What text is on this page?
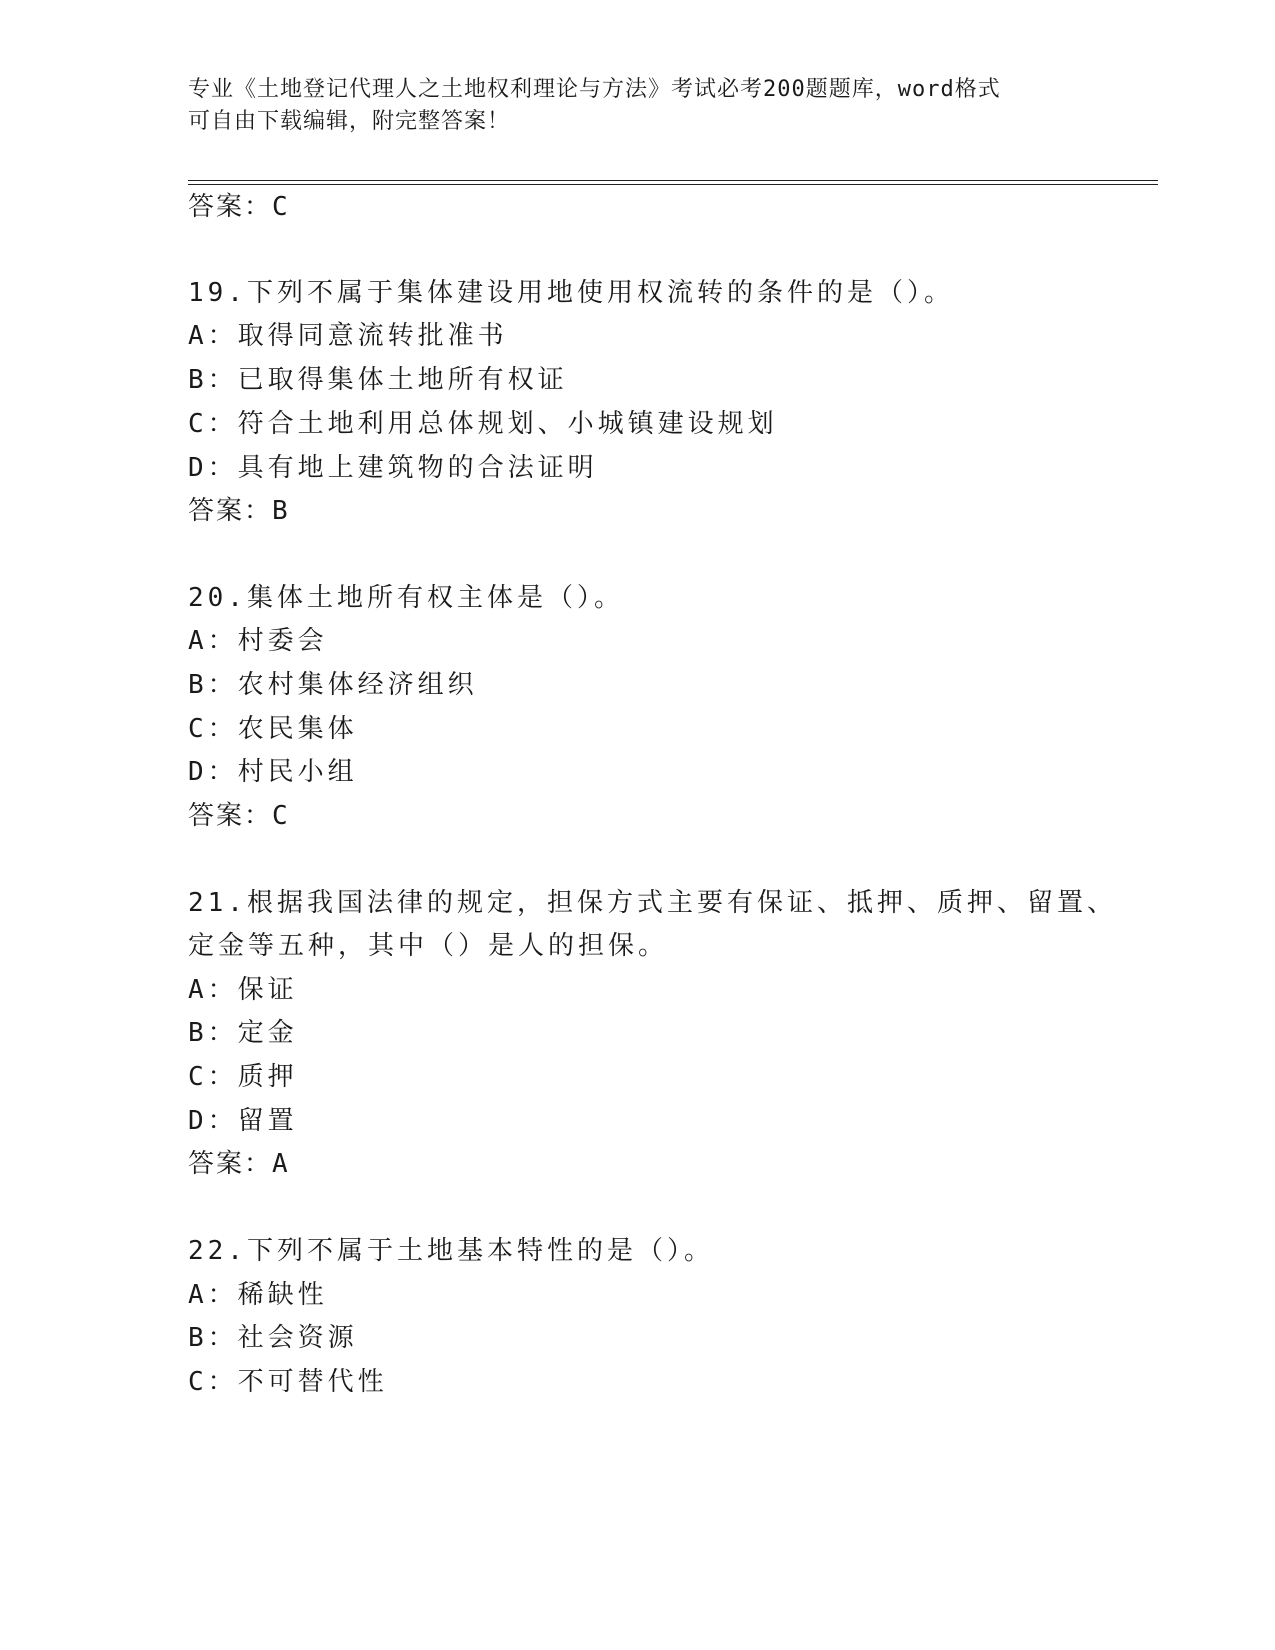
专业《土地登记代理人之土地权利理论与方法》考试必考200题题库，word格式
可自由下载编辑，附完整答案！
答案：C
19.下列不属于集体建设用地使用权流转的条件的是（）。
A：取得同意流转批准书
B：已取得集体土地所有权证
C：符合土地利用总体规划、小城镇建设规划
D：具有地上建筑物的合法证明
答案：B
20.集体土地所有权主体是（）。
A：村委会
B：农村集体经济组织
C：农民集体
D：村民小组
答案：C
21.根据我国法律的规定，担保方式主要有保证、抵押、质押、留置、
定金等五种，其中（）是人的担保。
A：保证
B：定金
C：质押
D：留置
答案：A
22.下列不属于土地基本特性的是（）。
A：稀缺性
B：社会资源
C：不可替代性
